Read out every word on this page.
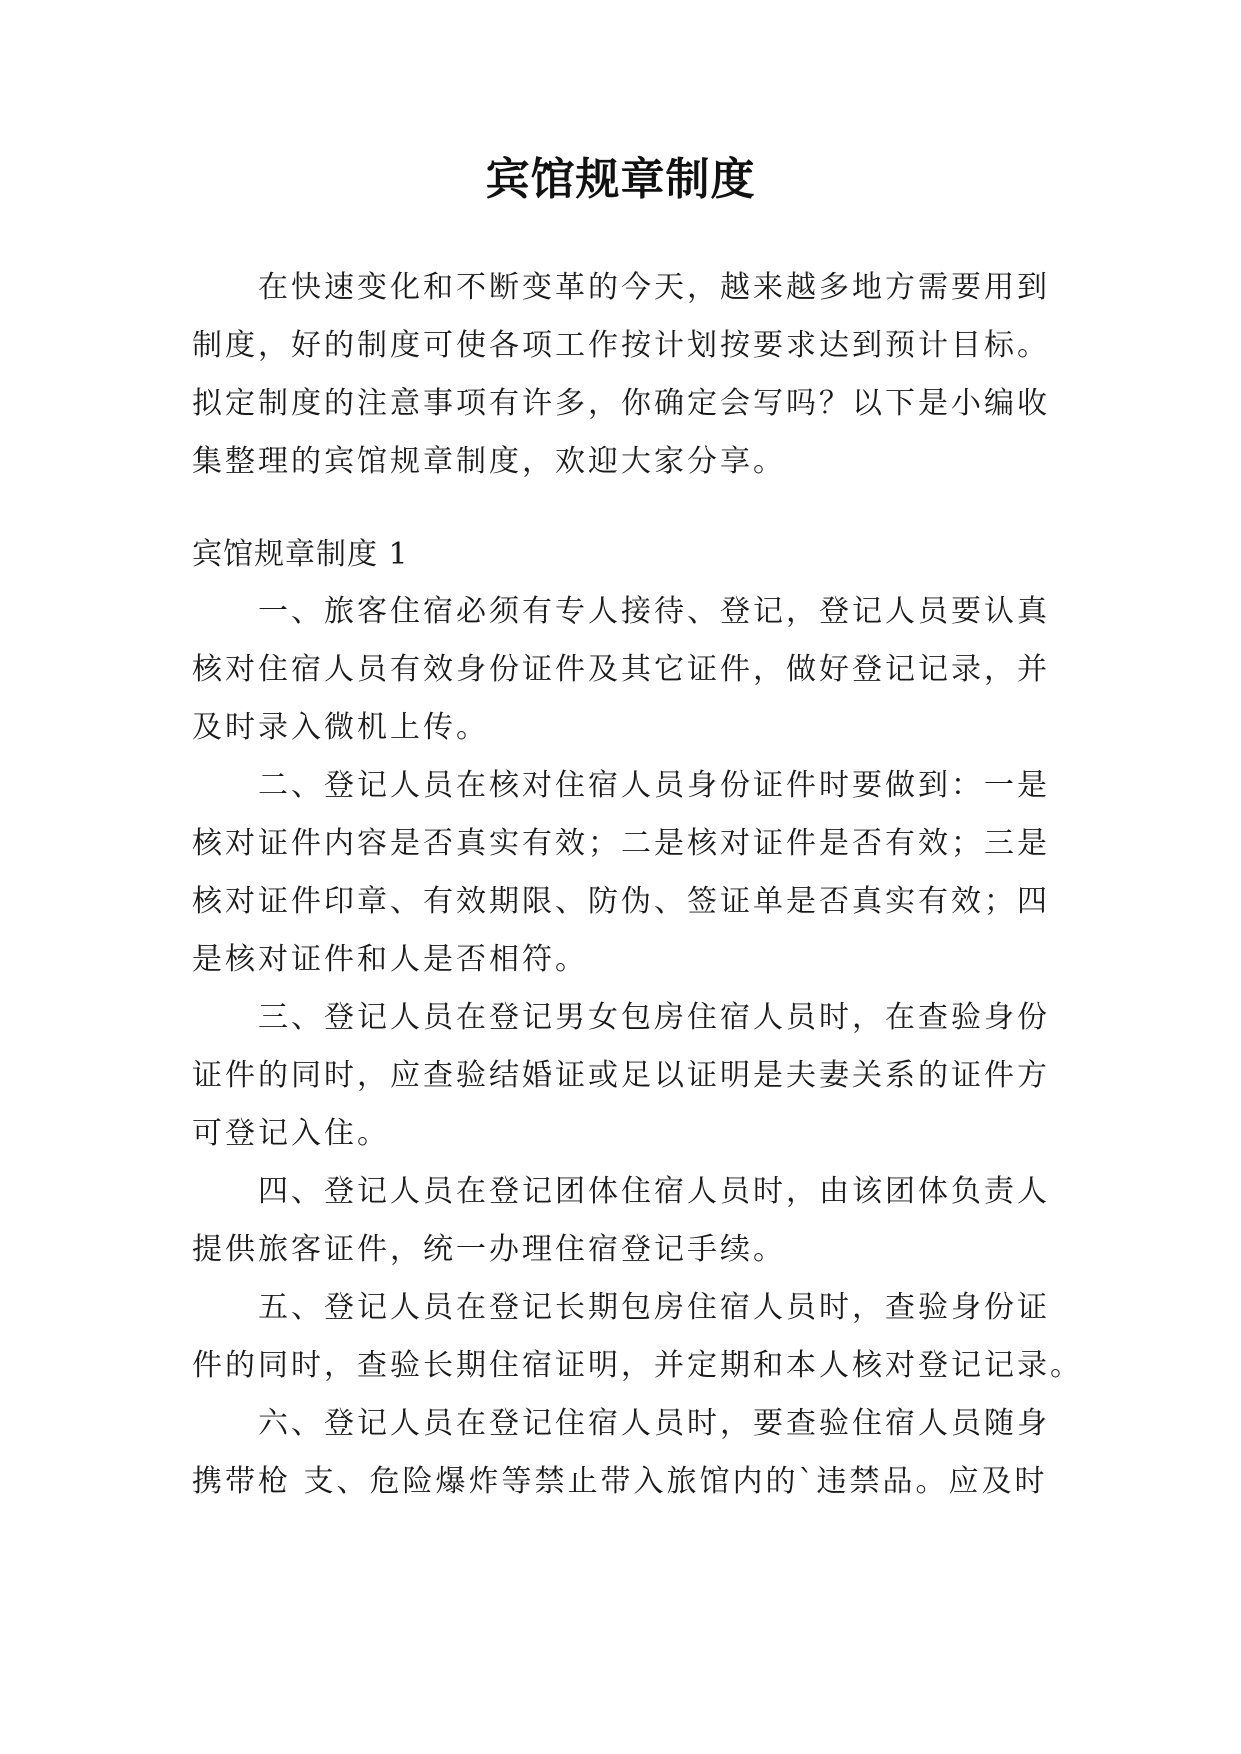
宾馆规章制度
在快速变化和不断变革的今天，越来越多地方需要用到
制度，好的制度可使各项工作按计划按要求达到预计目标。
拟定制度的注意事项有许多，你确定会写吗？以下是小编收
集整理的宾馆规章制度，欢迎大家分享。
宾馆规章制度 1
一、旅客住宿必须有专人接待、登记，登记人员要认真
核对住宿人员有效身份证件及其它证件，做好登记记录，并
及时录入微机上传。
二、登记人员在核对住宿人员身份证件时要做到：一是
核对证件内容是否真实有效；二是核对证件是否有效；三是
核对证件印章、有效期限、防伪、签证单是否真实有效；四
是核对证件和人是否相符。
三、登记人员在登记男女包房住宿人员时，在查验身份
证件的同时，应查验结婚证或足以证明是夫妻关系的证件方
可登记入住。
四、登记人员在登记团体住宿人员时，由该团体负责人
提供旅客证件，统一办理住宿登记手续。
五、登记人员在登记长期包房住宿人员时，查验身份证
件的同时，查验长期住宿证明，并定期和本人核对登记记录。
六、登记人员在登记住宿人员时，要查验住宿人员随身
携带枪 支、危险爆炸等禁止带入旅馆内的`违禁品。应及时
